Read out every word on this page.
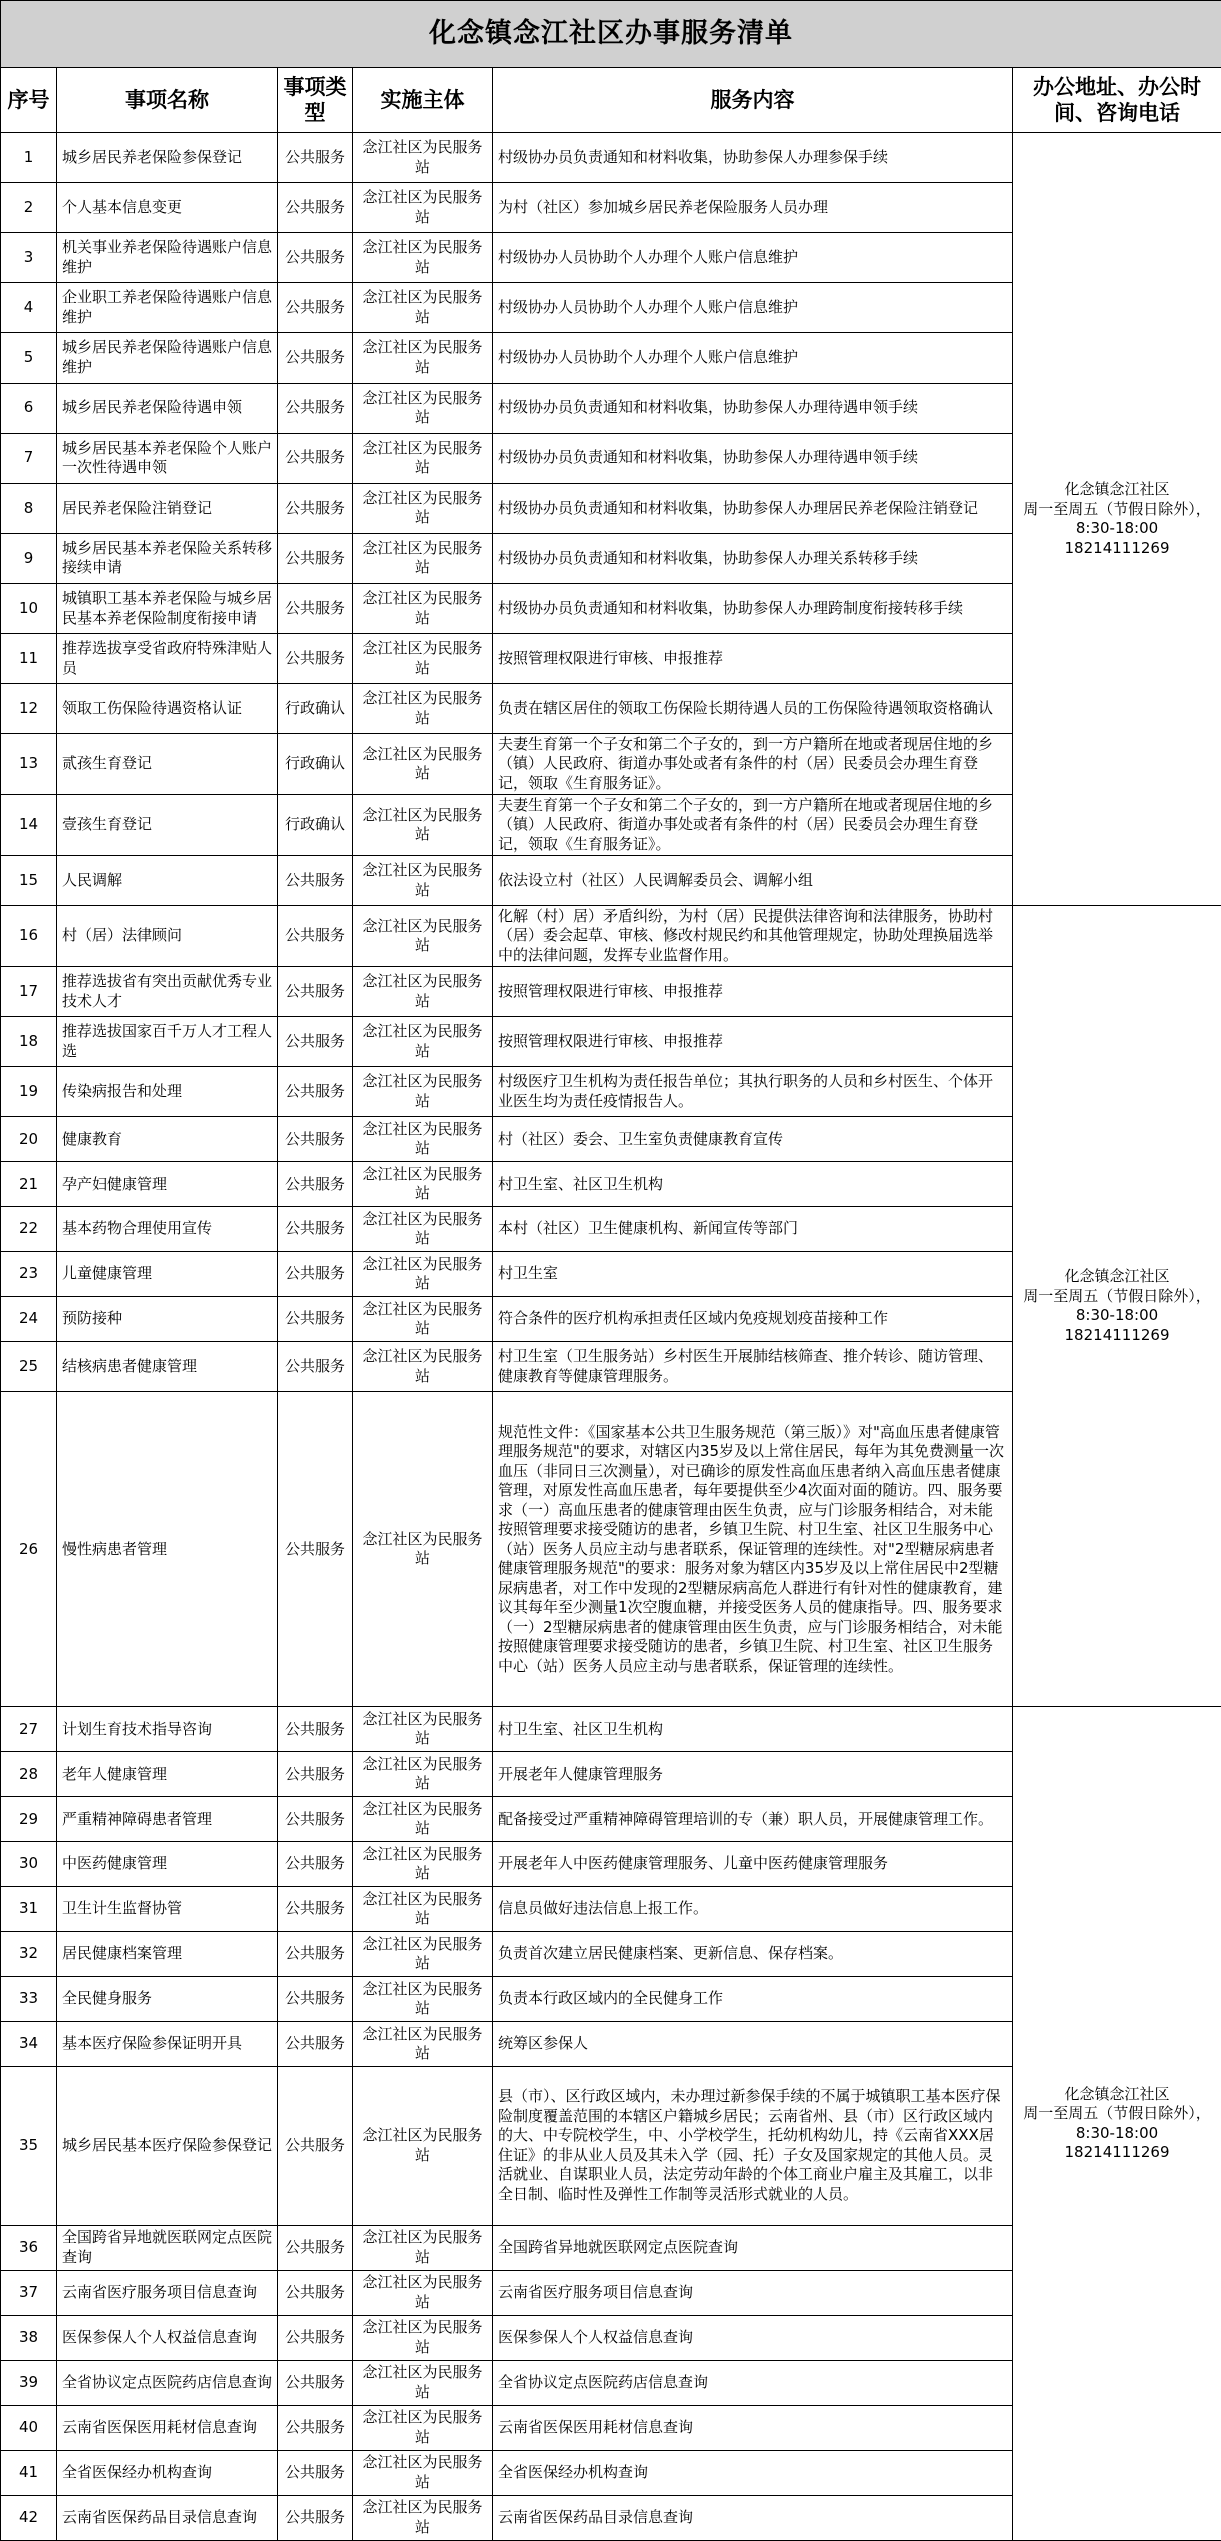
化念镇念江社区办事服务清单					
序号	事项名称	事项类型	实施主体	服务内容	办公地址、办公时间、咨询电话
1	城乡居民养老保险参保登记	公共服务	念江社区为民服务站	村级协办员负责通知和材料收集，协助参保人办理参保手续	化念镇念江社区
周一至周五（节假日除外），8:30-18:00
18214111269

2	个人基本信息变更	公共服务	念江社区为民服务站	为村（社区）参加城乡居民养老保险服务人员办理	
3	机关事业养老保险待遇账户信息维护	公共服务	念江社区为民服务站	村级协办人员协助个人办理个人账户信息维护	
4	企业职工养老保险待遇账户信息维护	公共服务	念江社区为民服务站	村级协办人员协助个人办理个人账户信息维护	
5	城乡居民养老保险待遇账户信息维护	公共服务	念江社区为民服务站	村级协办人员协助个人办理个人账户信息维护	
6	城乡居民养老保险待遇申领	公共服务	念江社区为民服务站	村级协办员负责通知和材料收集，协助参保人办理待遇申领手续	
7	城乡居民基本养老保险个人账户一次性待遇申领	公共服务	念江社区为民服务站	村级协办员负责通知和材料收集，协助参保人办理待遇申领手续	
8	居民养老保险注销登记	公共服务	念江社区为民服务站	村级协办员负责通知和材料收集，协助参保人办理居民养老保险注销登记	
9	城乡居民基本养老保险关系转移接续申请	公共服务	念江社区为民服务站	村级协办员负责通知和材料收集，协助参保人办理关系转移手续	
10	城镇职工基本养老保险与城乡居民基本养老保险制度衔接申请	公共服务	念江社区为民服务站	村级协办员负责通知和材料收集，协助参保人办理跨制度衔接转移手续	
11	推荐选拔享受省政府特殊津贴人员	公共服务	念江社区为民服务站	按照管理权限进行审核、申报推荐	
12	领取工伤保险待遇资格认证	行政确认	念江社区为民服务站	负责在辖区居住的领取工伤保险长期待遇人员的工伤保险待遇领取资格确认	
13	贰孩生育登记	行政确认	念江社区为民服务站	夫妻生育第一个子女和第二个子女的，到一方户籍所在地或者现居住地的乡（镇）人民政府、街道办事处或者有条件的村（居）民委员会办理生育登记，领取《生育服务证》。	
14	壹孩生育登记	行政确认	念江社区为民服务站	夫妻生育第一个子女和第二个子女的，到一方户籍所在地或者现居住地的乡（镇）人民政府、街道办事处或者有条件的村（居）民委员会办理生育登记，领取《生育服务证》。	
15	人民调解	公共服务	念江社区为民服务站	依法设立村（社区）人民调解委员会、调解小组	
16	村（居）法律顾问	公共服务	念江社区为民服务站	化解（村）居）矛盾纠纷，为村（居）民提供法律咨询和法律服务，协助村（居）委会起草、审核、修改村规民约和其他管理规定，协助处理换届选举中的法律问题，发挥专业监督作用。	化念镇念江社区
周一至周五（节假日除外），8:30-18:00
18214111269

17	推荐选拔省有突出贡献优秀专业技术人才	公共服务	念江社区为民服务站	按照管理权限进行审核、申报推荐	
18	推荐选拔国家百千万人才工程人选	公共服务	念江社区为民服务站	按照管理权限进行审核、申报推荐	
19	传染病报告和处理	公共服务	念江社区为民服务站	村级医疗卫生机构为责任报告单位；其执行职务的人员和乡村医生、个体开业医生均为责任疫情报告人。	
20	健康教育	公共服务	念江社区为民服务站	村（社区）委会、卫生室负责健康教育宣传	
21	孕产妇健康管理	公共服务	念江社区为民服务站	村卫生室、社区卫生机构	
22	基本药物合理使用宣传	公共服务	念江社区为民服务站	本村（社区）卫生健康机构、新闻宣传等部门	
23	儿童健康管理	公共服务	念江社区为民服务站	村卫生室	
24	预防接种	公共服务	念江社区为民服务站	符合条件的医疗机构承担责任区域内免疫规划疫苗接种工作	
25	结核病患者健康管理	公共服务	念江社区为民服务站	村卫生室（卫生服务站）乡村医生开展肺结核筛查、推介转诊、随访管理、健康教育等健康管理服务。	
26	慢性病患者管理	公共服务	念江社区为民服务站	规范性文件：《国家基本公共卫生服务规范（第三版）》对"高血压患者健康管理服务规范"的要求，对辖区内35岁及以上常住居民，每年为其免费测量一次血压（非同日三次测量），对已确诊的原发性高血压患者纳入高血压患者健康管理，对原发性高血压患者，每年要提供至少4次面对面的随访。四、服务要求（一）高血压患者的健康管理由医生负责，应与门诊服务相结合，对未能按照管理要求接受随访的患者，乡镇卫生院、村卫生室、社区卫生服务中心（站）医务人员应主动与患者联系，保证管理的连续性。对"2型糖尿病患者健康管理服务规范"的要求：服务对象为辖区内35岁及以上常住居民中2型糖尿病患者，对工作中发现的2型糖尿病高危人群进行有针对性的健康教育，建议其每年至少测量1次空腹血糖，并接受医务人员的健康指导。四、服务要求（一）2型糖尿病患者的健康管理由医生负责，应与门诊服务相结合，对未能按照健康管理要求接受随访的患者，乡镇卫生院、村卫生室、社区卫生服务中心（站）医务人员应主动与患者联系，保证管理的连续性。	
27	计划生育技术指导咨询	公共服务	念江社区为民服务站	村卫生室、社区卫生机构	化念镇念江社区
周一至周五（节假日除外），8:30-18:00
18214111269

28	老年人健康管理	公共服务	念江社区为民服务站	开展老年人健康管理服务	
29	严重精神障碍患者管理	公共服务	念江社区为民服务站	配备接受过严重精神障碍管理培训的专（兼）职人员，开展健康管理工作。	
30	中医药健康管理	公共服务	念江社区为民服务站	开展老年人中医药健康管理服务、儿童中医药健康管理服务	
31	卫生计生监督协管	公共服务	念江社区为民服务站	信息员做好违法信息上报工作。	
32	居民健康档案管理	公共服务	念江社区为民服务站	负责首次建立居民健康档案、更新信息、保存档案。	
33	全民健身服务	公共服务	念江社区为民服务站	负责本行政区域内的全民健身工作	
34	基本医疗保险参保证明开具	公共服务	念江社区为民服务站	统筹区参保人	
35	城乡居民基本医疗保险参保登记	公共服务	念江社区为民服务站	县（市）、区行政区域内，未办理过新参保手续的不属于城镇职工基本医疗保险制度覆盖范围的本辖区户籍城乡居民；云南省州、县（市）区行政区域内的大、中专院校学生，中、小学校学生，托幼机构幼儿，持《云南省XXX居住证》的非从业人员及其未入学（园、托）子女及国家规定的其他人员。灵活就业、自谋职业人员，法定劳动年龄的个体工商业户雇主及其雇工，以非全日制、临时性及弹性工作制等灵活形式就业的人员。	
36	全国跨省异地就医联网定点医院查询	公共服务	念江社区为民服务站	全国跨省异地就医联网定点医院查询	
37	云南省医疗服务项目信息查询	公共服务	念江社区为民服务站	云南省医疗服务项目信息查询	
38	医保参保人个人权益信息查询	公共服务	念江社区为民服务站	医保参保人个人权益信息查询	
39	全省协议定点医院药店信息查询	公共服务	念江社区为民服务站	全省协议定点医院药店信息查询	
40	云南省医保医用耗材信息查询	公共服务	念江社区为民服务站	云南省医保医用耗材信息查询	
41	全省医保经办机构查询	公共服务	念江社区为民服务站	全省医保经办机构查询	
42	云南省医保药品目录信息查询	公共服务	念江社区为民服务站	云南省医保药品目录信息查询	
